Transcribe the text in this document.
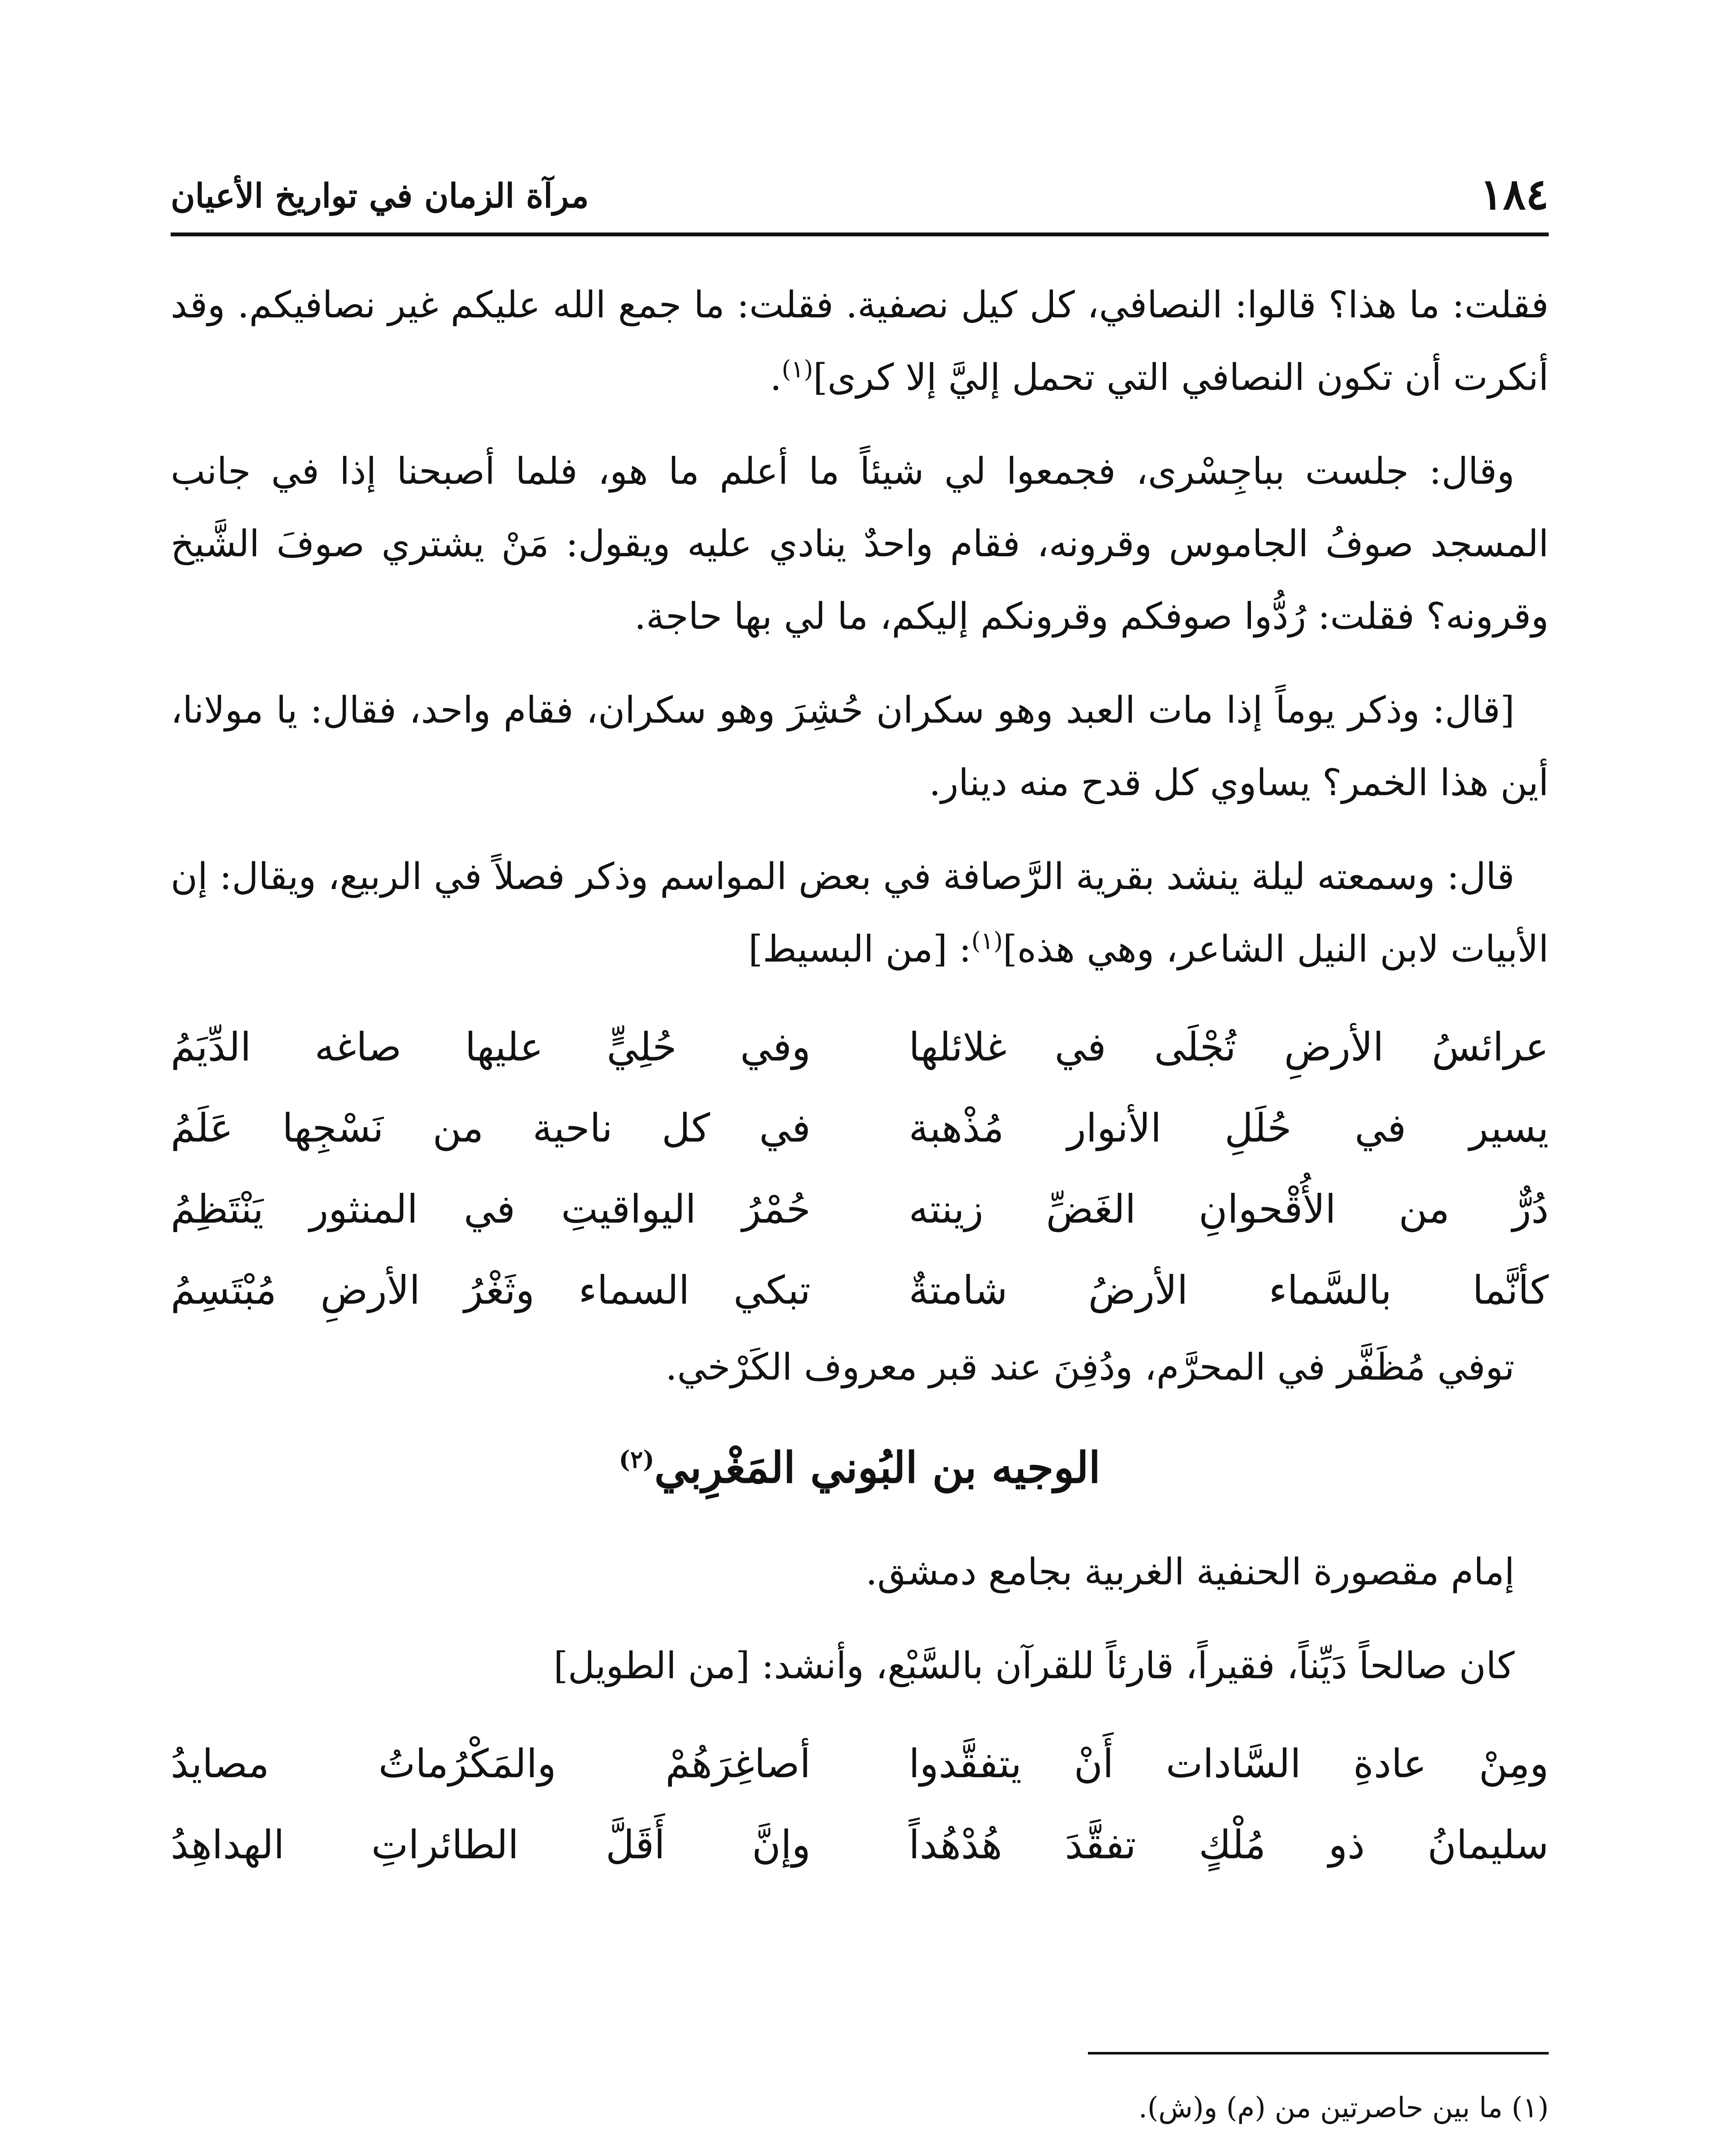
١٨٤
مرآة الزمان في تواريخ الأعيان

فقلت: ما هذا؟ قالوا: النصافي، كل كيل نصفية. فقلت: ما جمع الله عليكم غير نصافيكم. وقد أنكرت أن تكون النصافي التي تحمل إليَّ إلا كرى]$^{(١)}$.

وقال: جلست بباجِسْرى، فجمعوا لي شيئاً ما أعلم ما هو، فلما أصبحنا إذا في جانب المسجد صوفُ الجاموس وقرونه، فقام واحدٌ ينادي عليه ويقول: مَنْ يشتري صوفَ الشَّيخ وقرونه؟ فقلت: رُدُّوا صوفكم وقرونكم إليكم، ما لي بها حاجة.

[قال: وذكر يوماً إذا مات العبد وهو سكران حُشِرَ وهو سكران، فقام واحد، فقال: يا مولانا، أين هذا الخمر؟ يساوي كل قدح منه دينار.

قال: وسمعته ليلة ينشد بقرية الرَّصافة في بعض المواسم وذكر فصلاً في الربيع، ويقال: إن الأبيات لابن النيل الشاعر، وهي هذه]$^{(١)}$: [من البسيط]

عرائسُ الأرضِ تُجْلَى في غلائلها
وفي حُلِيٍّ عليها صاغه الدِّيَمُ
يسير في حُلَلِ الأنوار مُذْهبة
في كل ناحية من نَسْجِها عَلَمُ
دُرٌّ من الأُقْحوانِ الغَضِّ زينته
حُمْرُ اليواقيتِ في المنثور يَنْتَظِمُ
كأنَّما بالسَّماء الأرضُ شامتةٌ
تبكي السماء وثَغْرُ الأرضِ مُبْتَسِمُ

توفي مُظَفَّر في المحرَّم، ودُفِنَ عند قبر معروف الكَرْخي.

الوجيه بن البُوني المَغْرِبي$^{(٢)}$

إمام مقصورة الحنفية الغربية بجامع دمشق.

كان صالحاً دَيِّناً، فقيراً، قارئاً للقرآن بالسَّبْع، وأنشد: [من الطويل]

ومِنْ عادةِ السَّادات أَنْ يتفقَّدوا
أصاغِرَهُمْ والمَكْرُماتُ مصايدُ
سليمانُ ذو مُلْكٍ تفقَّدَ هُدْهُداً
وإنَّ أَقَلَّ الطائراتِ الهداهِدُ

(١) ما بين حاصرتين من (م) و(ش).
